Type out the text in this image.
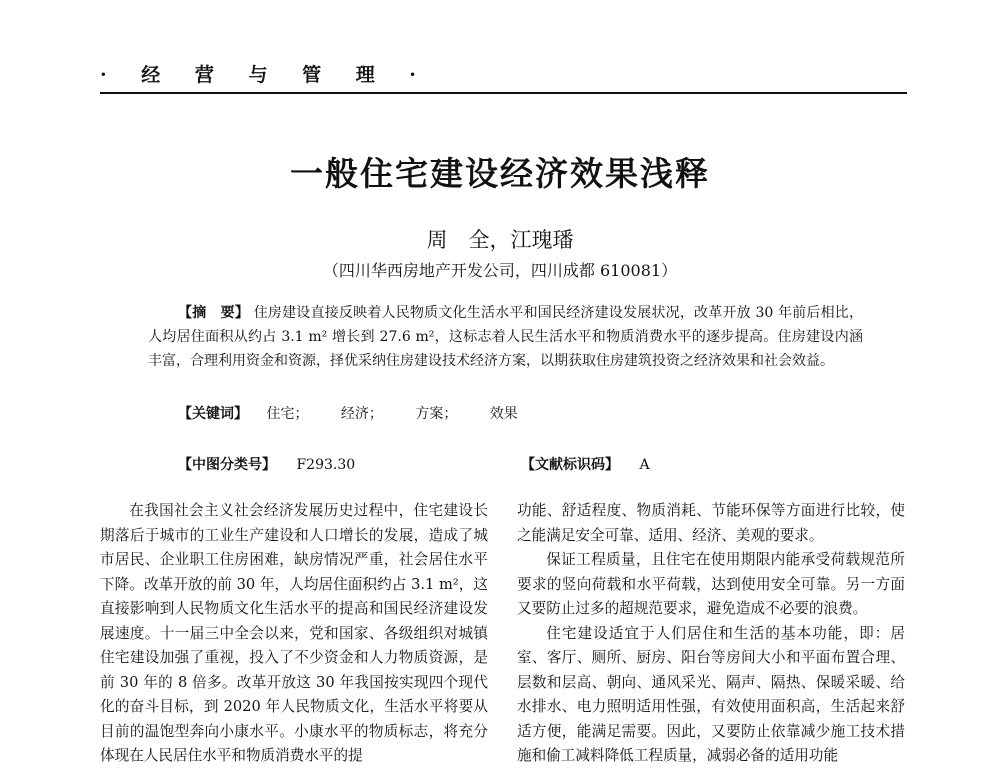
· 经 营 与 管 理 ·
一般住宅建设经济效果浅释
周　全，江瑰璠
（四川华西房地产开发公司，四川成都 610081）
【摘　要】 住房建设直接反映着人民物质文化生活水平和国民经济建设发展状况，改革开放 30 年前后相比，人均居住面积从约占 3.1 m² 增长到 27.6 m²，这标志着人民生活水平和物质消费水平的逐步提高。住房建设内涵丰富，合理利用资金和资源，择优采纳住房建设技术经济方案，以期获取住房建筑投资之经济效果和社会效益。
【关键词】 住宅； 经济； 方案； 效果
【中图分类号】 F293.30	【文献标识码】 A

在我国社会主义社会经济发展历史过程中，住宅建设长期落后于城市的工业生产建设和人口增长的发展，造成了城市居民、企业职工住房困难，缺房情况严重，社会居住水平下降。改革开放的前 30 年，人均居住面积约占 3.1 m²，这直接影响到人民物质文化生活水平的提高和国民经济建设发展速度。十一届三中全会以来，党和国家、各级组织对城镇住宅建设加强了重视，投入了不少资金和人力物质资源，是前 30 年的 8 倍多。改革开放这 30 年我国按实现四个现代化的奋斗目标，到 2020 年人民物质文化，生活水平将要从目前的温饱型奔向小康水平。小康水平的物质标志，将充分体现在人民居住水平和物质消费水平的提

功能、舒适程度、物质消耗、节能环保等方面进行比较，使之能满足安全可靠、适用、经济、美观的要求。

保证工程质量，且住宅在使用期限内能承受荷载规范所要求的竖向荷载和水平荷载，达到使用安全可靠。另一方面又要防止过多的超规范要求，避免造成不必要的浪费。

住宅建设适宜于人们居住和生活的基本功能，即：居室、客厅、厕所、厨房、阳台等房间大小和平面布置合理、层数和层高、朝向、通风采光、隔声、隔热、保暖采暖、给水排水、电力照明适用性强，有效使用面积高，生活起来舒适方便，能满足需要。因此，又要防止依靠减少施工技术措施和偷工减料降低工程质量，减弱必备的适用功能
